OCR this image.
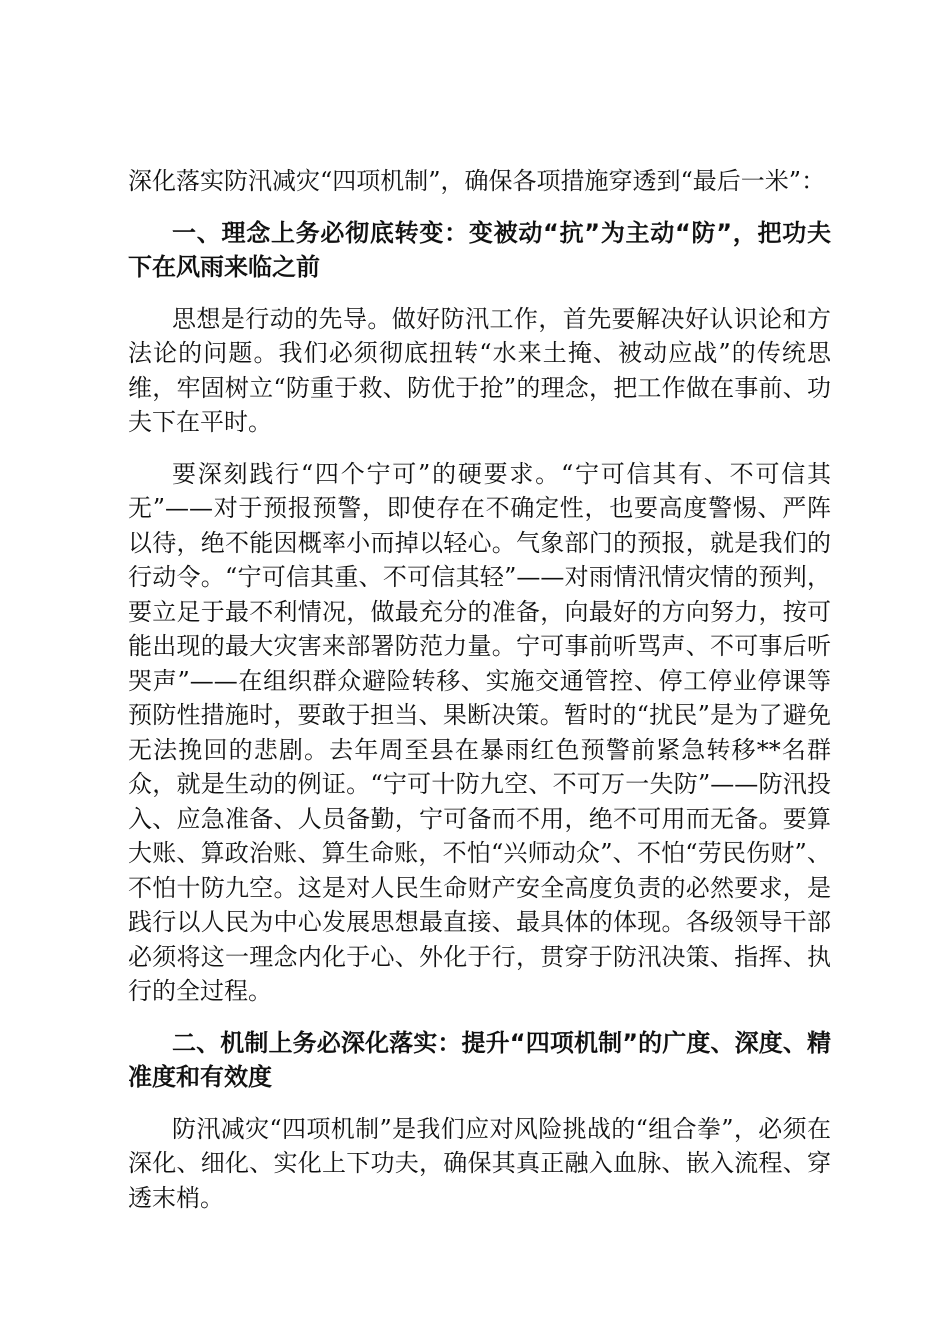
深化落实防汛减灾“四项机制”，确保各项措施穿透到“最后一米”：

一、理念上务必彻底转变：变被动“抗”为主动“防”，把功夫下在风雨来临之前

思想是行动的先导。做好防汛工作，首先要解决好认识论和方法论的问题。我们必须彻底扭转“水来土掩、被动应战”的传统思维，牢固树立“防重于救、防优于抢”的理念，把工作做在事前、功夫下在平时。

要深刻践行“四个宁可”的硬要求。“宁可信其有、不可信其无”——对于预报预警，即使存在不确定性，也要高度警惕、严阵以待，绝不能因概率小而掉以轻心。气象部门的预报，就是我们的行动令。“宁可信其重、不可信其轻”——对雨情汛情灾情的预判，要立足于最不利情况，做最充分的准备，向最好的方向努力，按可能出现的最大灾害来部署防范力量。宁可事前听骂声、不可事后听哭声”——在组织群众避险转移、实施交通管控、停工停业停课等预防性措施时，要敢于担当、果断决策。暂时的“扰民”是为了避免无法挽回的悲剧。去年周至县在暴雨红色预警前紧急转移**名群众，就是生动的例证。“宁可十防九空、不可万一失防”——防汛投入、应急准备、人员备勤，宁可备而不用，绝不可用而无备。要算大账、算政治账、算生命账，不怕“兴师动众”、不怕“劳民伤财”、不怕十防九空。这是对人民生命财产安全高度负责的必然要求，是践行以人民为中心发展思想最直接、最具体的体现。各级领导干部必须将这一理念内化于心、外化于行，贯穿于防汛决策、指挥、执行的全过程。

二、机制上务必深化落实：提升“四项机制”的广度、深度、精准度和有效度

防汛减灾“四项机制”是我们应对风险挑战的“组合拳”，必须在深化、细化、实化上下功夫，确保其真正融入血脉、嵌入流程、穿透末梢。
